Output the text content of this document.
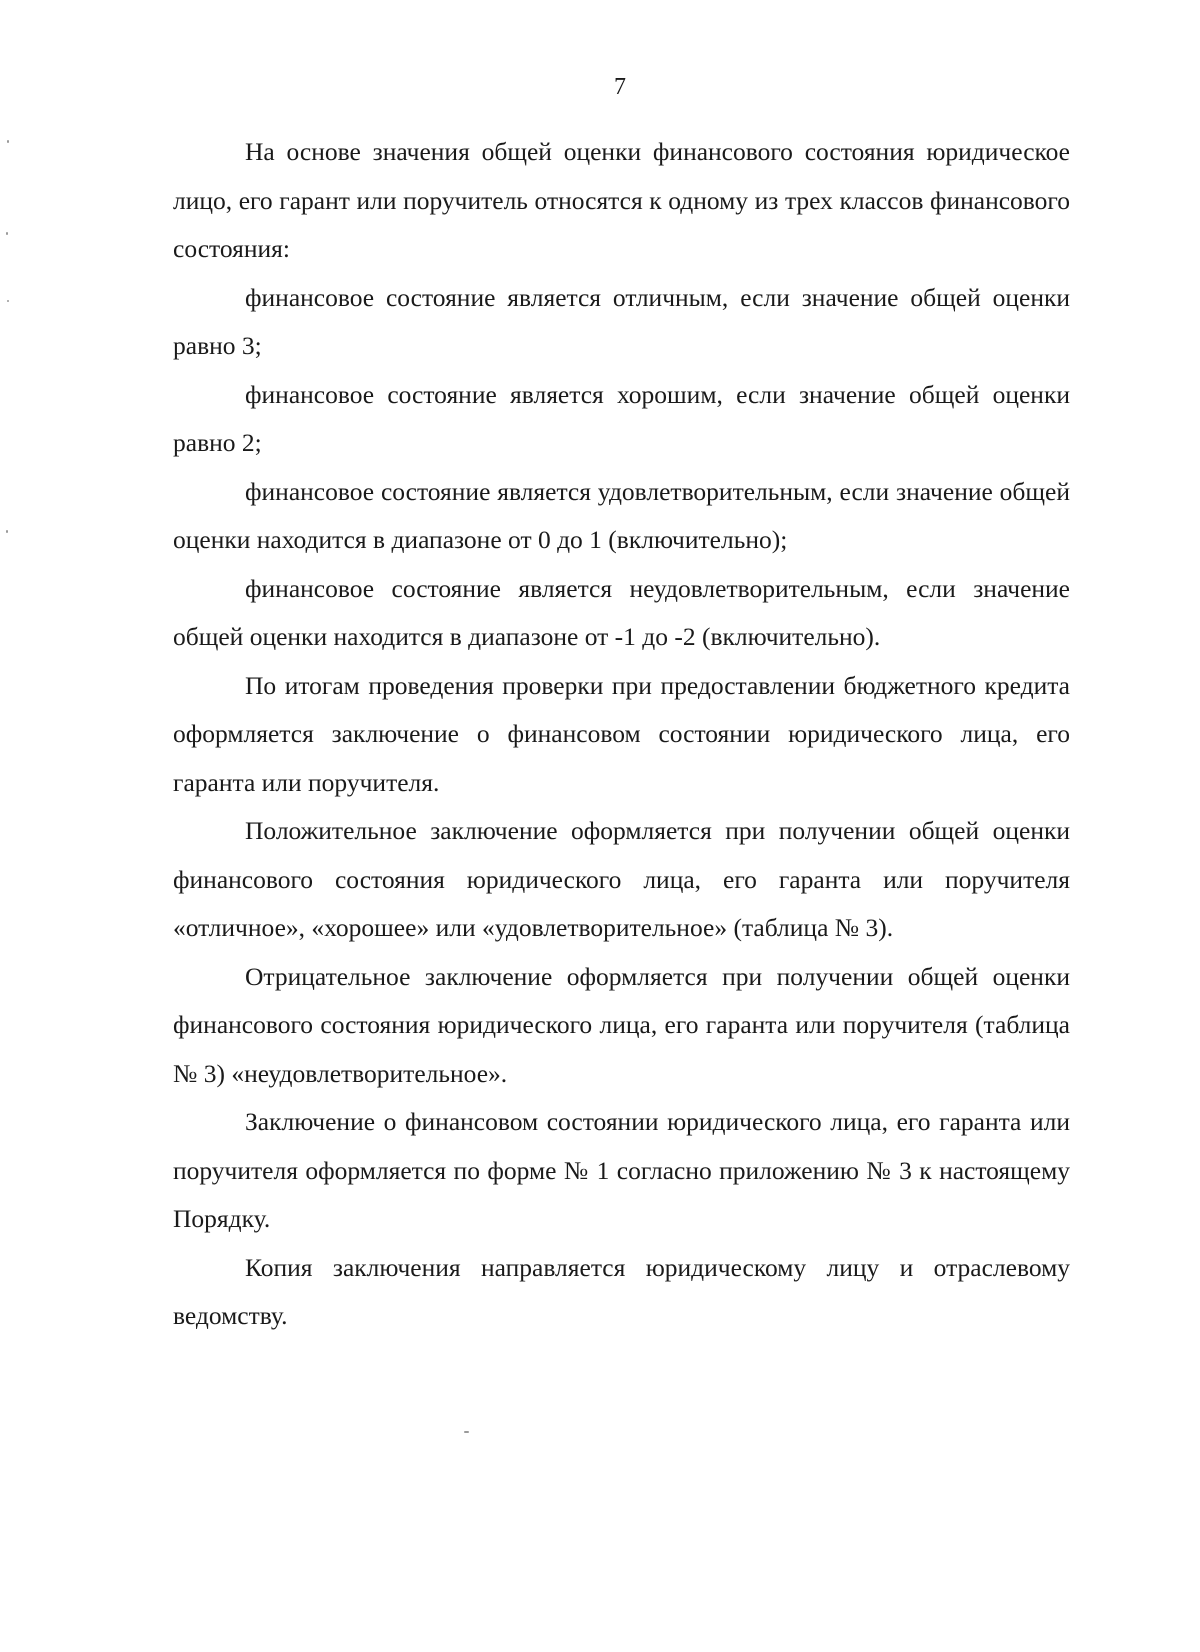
7

На основе значения общей оценки финансового состояния юридическое лицо, его гарант или поручитель относятся к одному из трех классов финансового состояния:

финансовое состояние является отличным, если значение общей оценки равно 3;

финансовое состояние является хорошим, если значение общей оценки равно 2;

финансовое состояние является удовлетворительным, если значение общей оценки находится в диапазоне от 0 до 1 (включительно);

финансовое состояние является неудовлетворительным, если значение общей оценки находится в диапазоне от -1 до -2 (включительно).

По итогам проведения проверки при предоставлении бюджетного кредита оформляется заключение о финансовом состоянии юридического лица, его гаранта или поручителя.

Положительное заключение оформляется при получении общей оценки финансового состояния юридического лица, его гаранта или поручителя «отличное», «хорошее» или «удовлетворительное» (таблица № 3).

Отрицательное заключение оформляется при получении общей оценки финансового состояния юридического лица, его гаранта или поручителя (таблица № 3) «неудовлетворительное».

Заключение о финансовом состоянии юридического лица, его гаранта или поручителя оформляется по форме № 1 согласно приложению № 3 к настоящему Порядку.

Копия заключения направляется юридическому лицу и отраслевому ведомству.
